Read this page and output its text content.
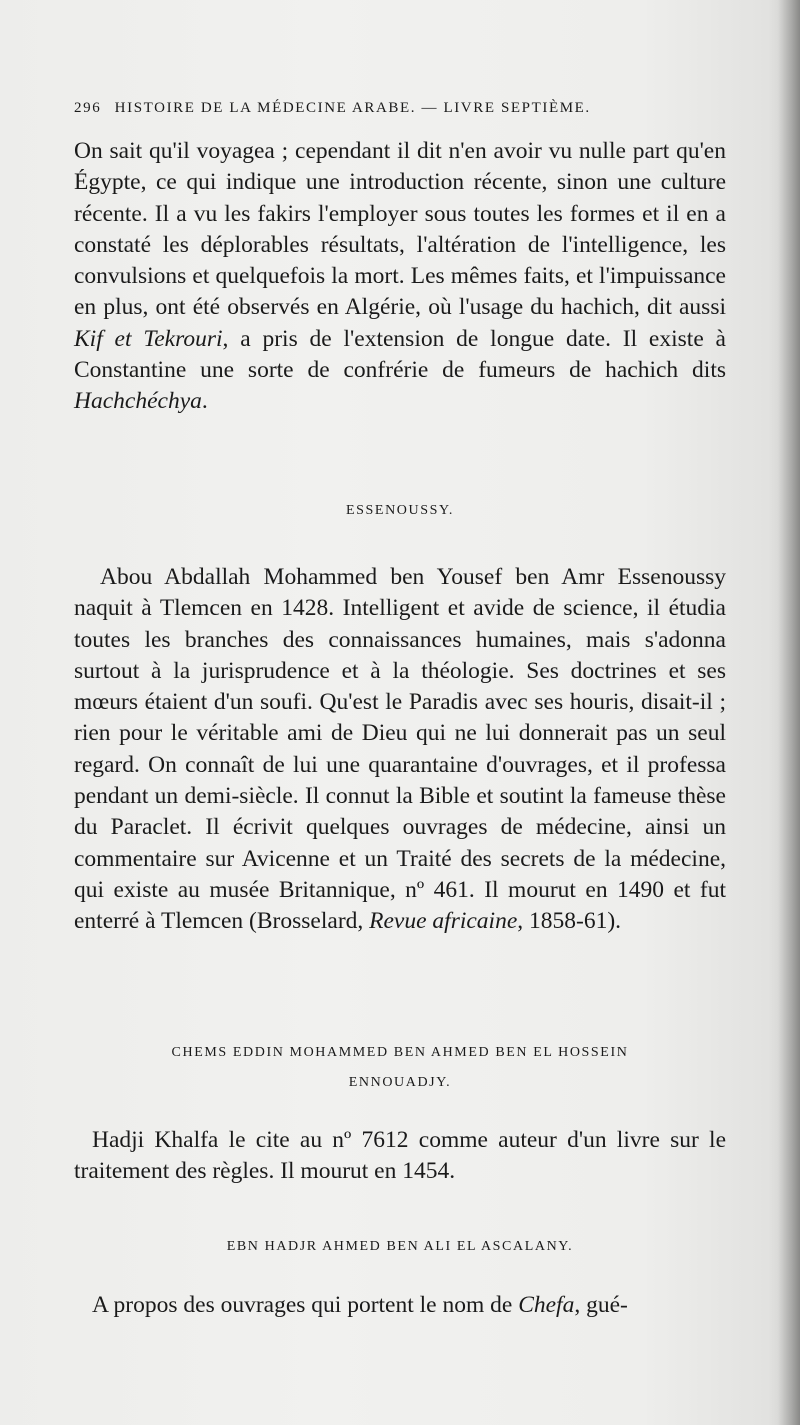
296 HISTOIRE DE LA MÉDECINE ARABE. — LIVRE SEPTIÈME.

On sait qu'il voyagea ; cependant il dit n'en avoir vu nulle part qu'en Égypte, ce qui indique une introduction récente, sinon une culture récente. Il a vu les fakirs l'employer sous toutes les formes et il en a constaté les déplorables résultats, l'altération de l'intelligence, les convulsions et quelquefois la mort. Les mêmes faits, et l'impuissance en plus, ont été observés en Algérie, où l'usage du hachich, dit aussi Kif et Tekrouri, a pris de l'extension de longue date. Il existe à Constantine une sorte de confrérie de fumeurs de hachich dits Hachchéchya.

ESSENOUSSY.

Abou Abdallah Mohammed ben Yousef ben Amr Essenoussy naquit à Tlemcen en 1428. Intelligent et avide de science, il étudia toutes les branches des connaissances humaines, mais s'adonna surtout à la jurisprudence et à la théologie. Ses doctrines et ses mœurs étaient d'un soufi. Qu'est le Paradis avec ses houris, disait-il ; rien pour le véritable ami de Dieu qui ne lui donnerait pas un seul regard. On connaît de lui une quarantaine d'ouvrages, et il professa pendant un demi-siècle. Il connut la Bible et soutint la fameuse thèse du Paraclet. Il écrivit quelques ouvrages de médecine, ainsi un commentaire sur Avicenne et un Traité des secrets de la médecine, qui existe au musée Britannique, nº 461. Il mourut en 1490 et fut enterré à Tlemcen (Brosselard, Revue africaine, 1858-61).

CHEMS EDDIN MOHAMMED BEN AHMED BEN EL HOSSEIN
ENNOUADJY.

Hadji Khalfa le cite au nº 7612 comme auteur d'un livre sur le traitement des règles. Il mourut en 1454.

EBN HADJR AHMED BEN ALI EL ASCALANY.

A propos des ouvrages qui portent le nom de Chefa, gué-
